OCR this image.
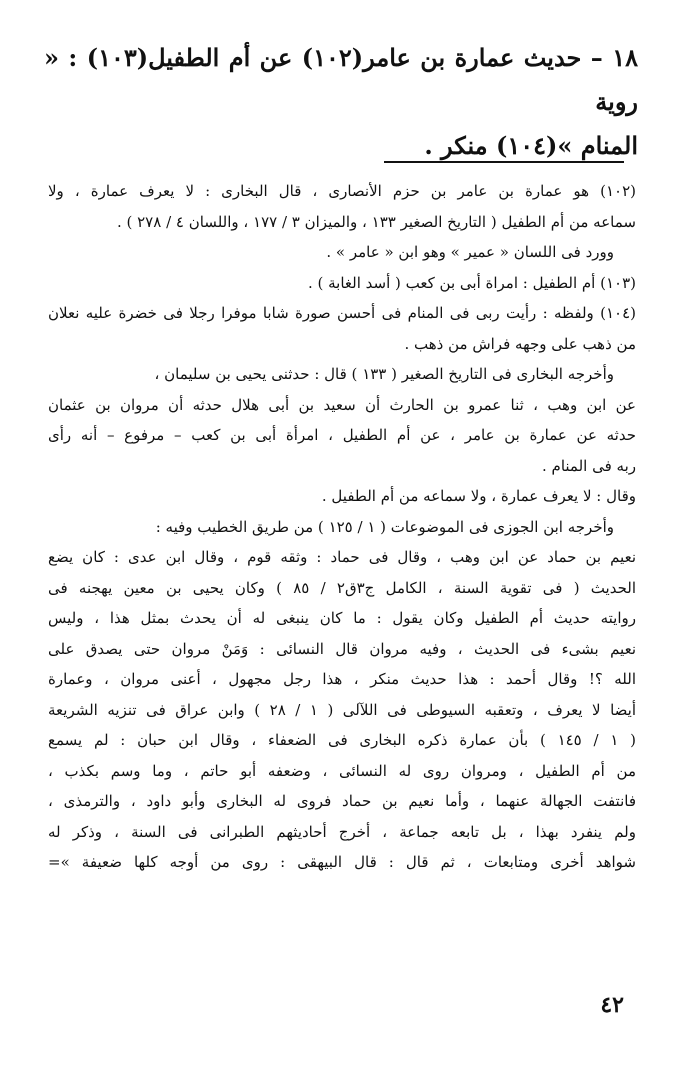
١٨ – حديث عمارة بن عامر(١٠٢) عن أم الطفيل(١٠٣) : « روية
المنام »(١٠٤) منكر .
(١٠٢) هو عمارة بن عامر بن حزم الأنصارى ، قال البخارى : لا يعرف عمارة ، ولا
سماعه من أم الطفيل ( التاريخ الصغير ١٣٣ ، والميزان ٣ / ١٧٧ ، واللسان ٤ / ٢٧٨ ) .
وورد فى اللسان « عمير » وهو ابن « عامر » .
(١٠٣) أم الطفيل : امراة أبى بن كعب ( أسد الغابة ) .
(١٠٤) ولفظه : رأيت ربى فى المنام فى أحسن صورة شابا موفرا رجلا فى خضرة عليه نعلان
من ذهب على وجهه فراش من ذهب .
وأخرجه البخارى فى التاريخ الصغير ( ١٣٣ ) قال : حدثنى يحيى بن سليمان ،
عن ابن وهب ، ثنا عمرو بن الحارث أن سعيد بن أبى هلال حدثه أن مروان بن عثمان
حدثه عن عمارة بن عامر ، عن أم الطفيل ، امرأة أبى بن كعب – مرفوع – أنه رأى
ربه فى المنام .
وقال : لا يعرف عمارة ، ولا سماعه من أم الطفيل .
وأخرجه ابن الجوزى فى الموضوعات ( ١ / ١٢٥ ) من طريق الخطيب وفيه :
نعيم بن حماد عن ابن وهب ، وقال فى حماد : وثقه قوم ، وقال ابن عدى : كان يضع
الحديث ( فى تقوية السنة ، الكامل ج٣ق٢ / ٨٥ ) وكان يحيى بن معين يهجنه فى
روايته حديث أم الطفيل وكان يقول : ما كان ينبغى له أن يحدث بمثل هذا ، وليس
نعيم بشىء فى الحديث ، وفيه مروان قال النسائى : وَمَنْ مروان حتى يصدق على
الله ؟! وقال أحمد : هذا حديث منكر ، هذا رجل مجهول ، أعنى مروان ، وعمارة
أيضا لا يعرف ، وتعقبه السيوطى فى اللآلى ( ١ / ٢٨ ) وابن عراق فى تنزيه الشريعة
( ١ / ١٤٥ ) بأن عمارة ذكره البخارى فى الضعفاء ، وقال ابن حبان : لم يسمع
من أم الطفيل ، ومروان روى له النسائى ، وضعفه أبو حاتم ، وما وسم بكذب ،
فانتفت الجهالة عنهما ، وأما نعيم بن حماد فروى له البخارى وأبو داود ، والترمذى ،
ولم ينفرد بهذا ، بل تابعه جماعة ، أخرج أحاديثهم الطبرانى فى السنة ، وذكر له
شواهد أخرى ومتابعات ، ثم قال : قال البيهقى : روى من أوجه كلها ضعيفة »=
٤٢
